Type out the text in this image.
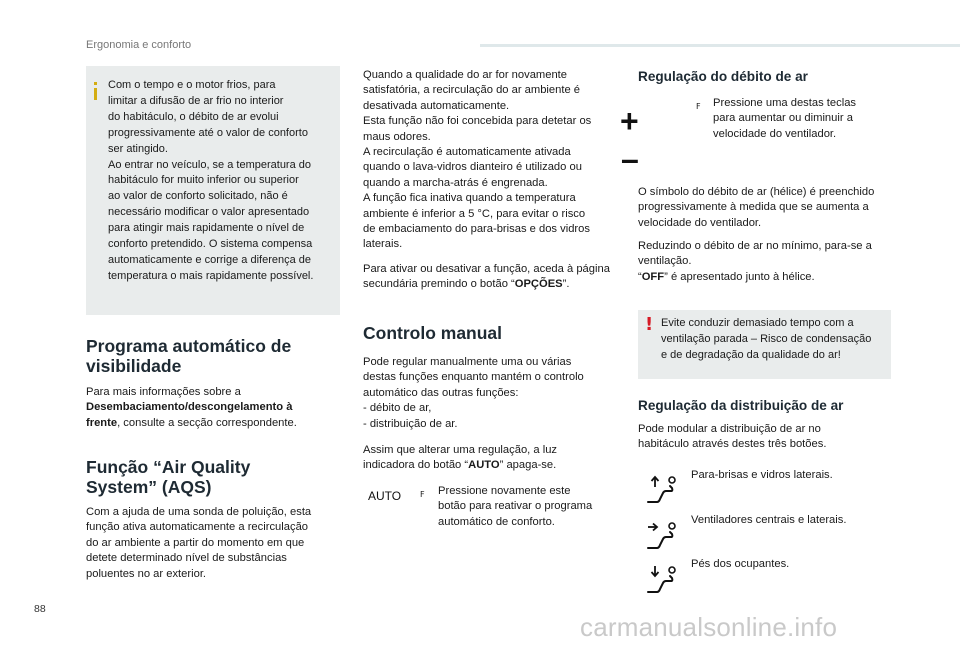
Ergonomia e conforto
Com o tempo e o motor frios, para
limitar a difusão de ar frio no interior
do habitáculo, o débito de ar evolui
progressivamente até o valor de conforto
ser atingido.
Ao entrar no veículo, se a temperatura do
habitáculo for muito inferior ou superior
ao valor de conforto solicitado, não é
necessário modificar o valor apresentado
para atingir mais rapidamente o nível de
conforto pretendido. O sistema compensa
automaticamente e corrige a diferença de
temperatura o mais rapidamente possível.
Programa automático de
visibilidade
Para mais informações sobre a
Desembaciamento/descongelamento à
frente, consulte a secção correspondente.
Função “Air Quality
System” (AQS)
Com a ajuda de uma sonda de poluição, esta
função ativa automaticamente a recirculação
do ar ambiente a partir do momento em que
detete determinado nível de substâncias
poluentes no ar exterior.
Quando a qualidade do ar for novamente
satisfatória, a recirculação do ar ambiente é
desativada automaticamente.
Esta função não foi concebida para detetar os
maus odores.
A recirculação é automaticamente ativada
quando o lava-vidros dianteiro é utilizado ou
quando a marcha-atrás é engrenada.
A função fica inativa quando a temperatura
ambiente é inferior a 5 °C, para evitar o risco
de embaciamento do para-brisas e dos vidros
laterais.
Para ativar ou desativar a função, aceda à página
secundária premindo o botão “OPÇÕES”.
Controlo manual
Pode regular manualmente uma ou várias
destas funções enquanto mantém o controlo
automático das outras funções:
- débito de ar,
- distribuição de ar.
Assim que alterar uma regulação, a luz
indicadora do botão “AUTO” apaga-se.
AUTO F Pressione novamente este
botão para reativar o programa
automático de conforto.
Regulação do débito de ar
+
–
F Pressione uma destas teclas
para aumentar ou diminuir a
velocidade do ventilador.
O símbolo do débito de ar (hélice) é preenchido
progressivamente à medida que se aumenta a
velocidade do ventilador.
Reduzindo o débito de ar no mínimo, para-se a
ventilação.
“OFF” é apresentado junto à hélice.
! Evite conduzir demasiado tempo com a
ventilação parada – Risco de condensação
e de degradação da qualidade do ar!
Regulação da distribuição de ar
Pode modular a distribuição de ar no
habitáculo através destes três botões.
Para-brisas e vidros laterais.
Ventiladores centrais e laterais.
Pés dos ocupantes.
88
carmanualsonline.info
